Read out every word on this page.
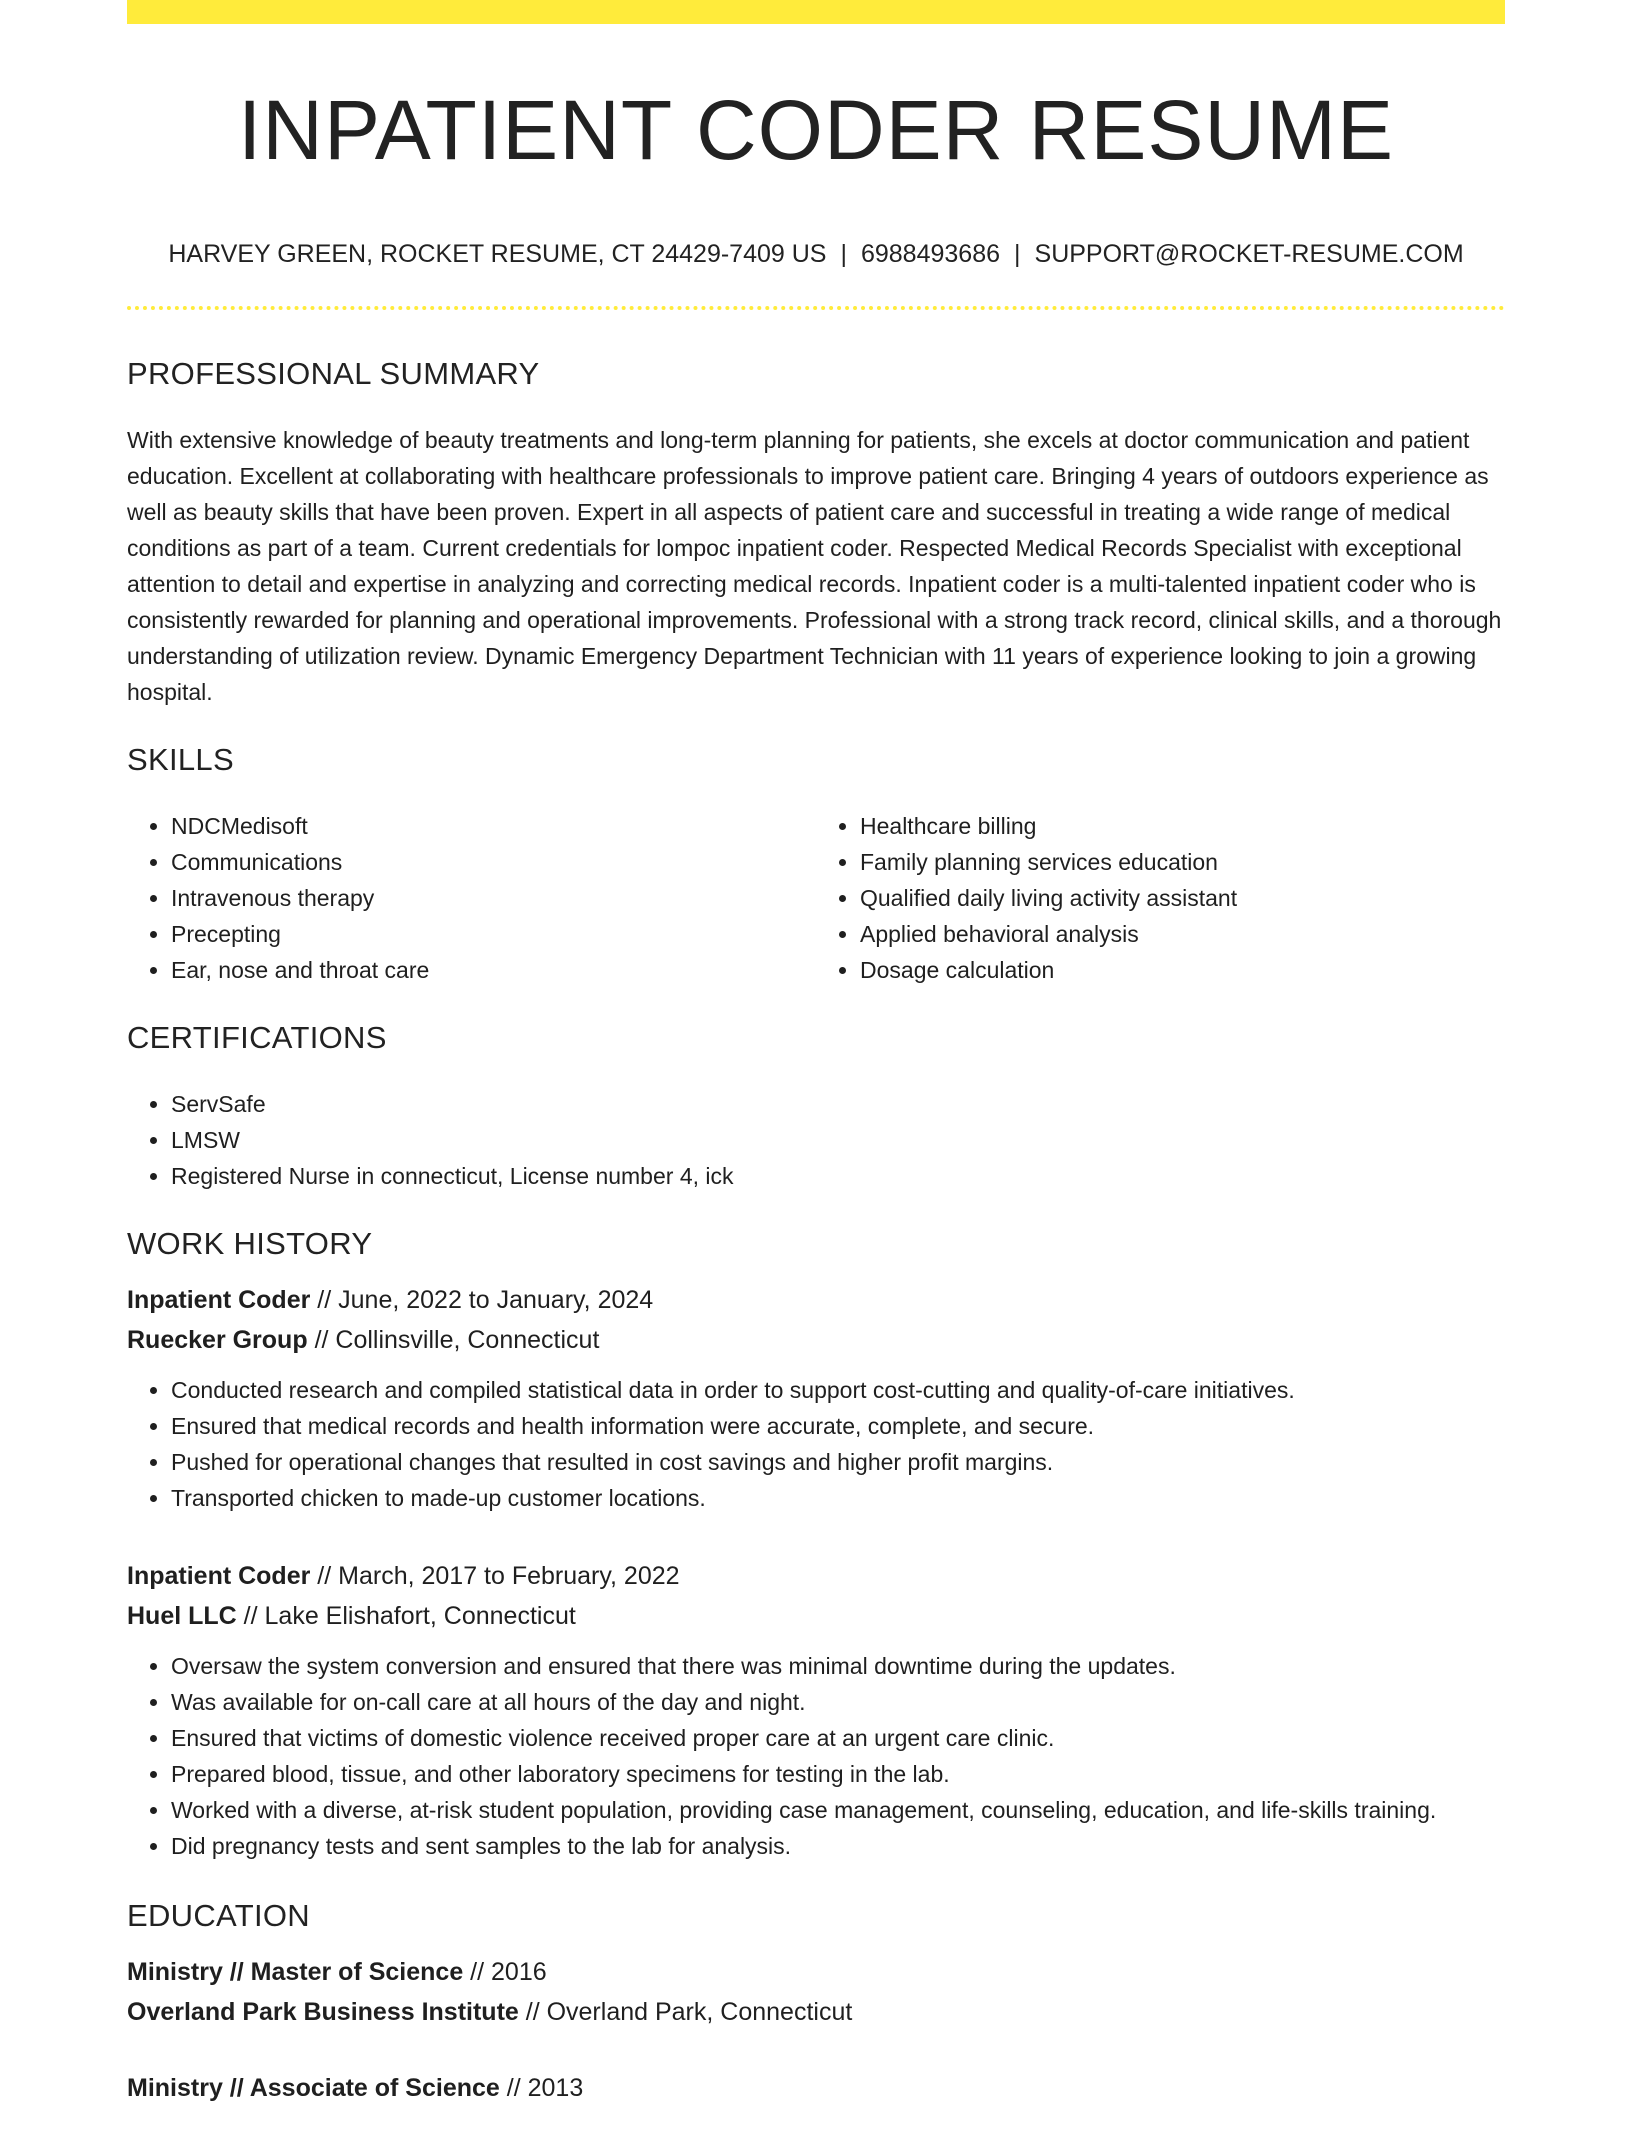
INPATIENT CODER RESUME
HARVEY GREEN, ROCKET RESUME, CT 24429-7409 US | 6988493686 | SUPPORT@ROCKET-RESUME.COM
PROFESSIONAL SUMMARY

With extensive knowledge of beauty treatments and long-term planning for patients, she excels at doctor communication and patient education. Excellent at collaborating with healthcare professionals to improve patient care. Bringing 4 years of outdoors experience as well as beauty skills that have been proven. Expert in all aspects of patient care and successful in treating a wide range of medical conditions as part of a team. Current credentials for lompoc inpatient coder. Respected Medical Records Specialist with exceptional attention to detail and expertise in analyzing and correcting medical records. Inpatient coder is a multi-talented inpatient coder who is consistently rewarded for planning and operational improvements. Professional with a strong track record, clinical skills, and a thorough understanding of utilization review. Dynamic Emergency Department Technician with 11 years of experience looking to join a growing hospital.

SKILLS
• NDCMedisoft
• Communications
• Intravenous therapy
• Precepting
• Ear, nose and throat care
• Healthcare billing
• Family planning services education
• Qualified daily living activity assistant
• Applied behavioral analysis
• Dosage calculation
CERTIFICATIONS
• ServSafe
• LMSW
• Registered Nurse in connecticut, License number 4, ick
WORK HISTORY
Inpatient Coder // June, 2022 to January, 2024
Ruecker Group // Collinsville, Connecticut
• Conducted research and compiled statistical data in order to support cost-cutting and quality-of-care initiatives.
• Ensured that medical records and health information were accurate, complete, and secure.
• Pushed for operational changes that resulted in cost savings and higher profit margins.
• Transported chicken to made-up customer locations.
Inpatient Coder // March, 2017 to February, 2022
Huel LLC // Lake Elishafort, Connecticut
• Oversaw the system conversion and ensured that there was minimal downtime during the updates.
• Was available for on-call care at all hours of the day and night.
• Ensured that victims of domestic violence received proper care at an urgent care clinic.
• Prepared blood, tissue, and other laboratory specimens for testing in the lab.
• Worked with a diverse, at-risk student population, providing case management, counseling, education, and life-skills training.
• Did pregnancy tests and sent samples to the lab for analysis.
EDUCATION
Ministry // Master of Science // 2016
Overland Park Business Institute // Overland Park, Connecticut
Ministry // Associate of Science // 2013
